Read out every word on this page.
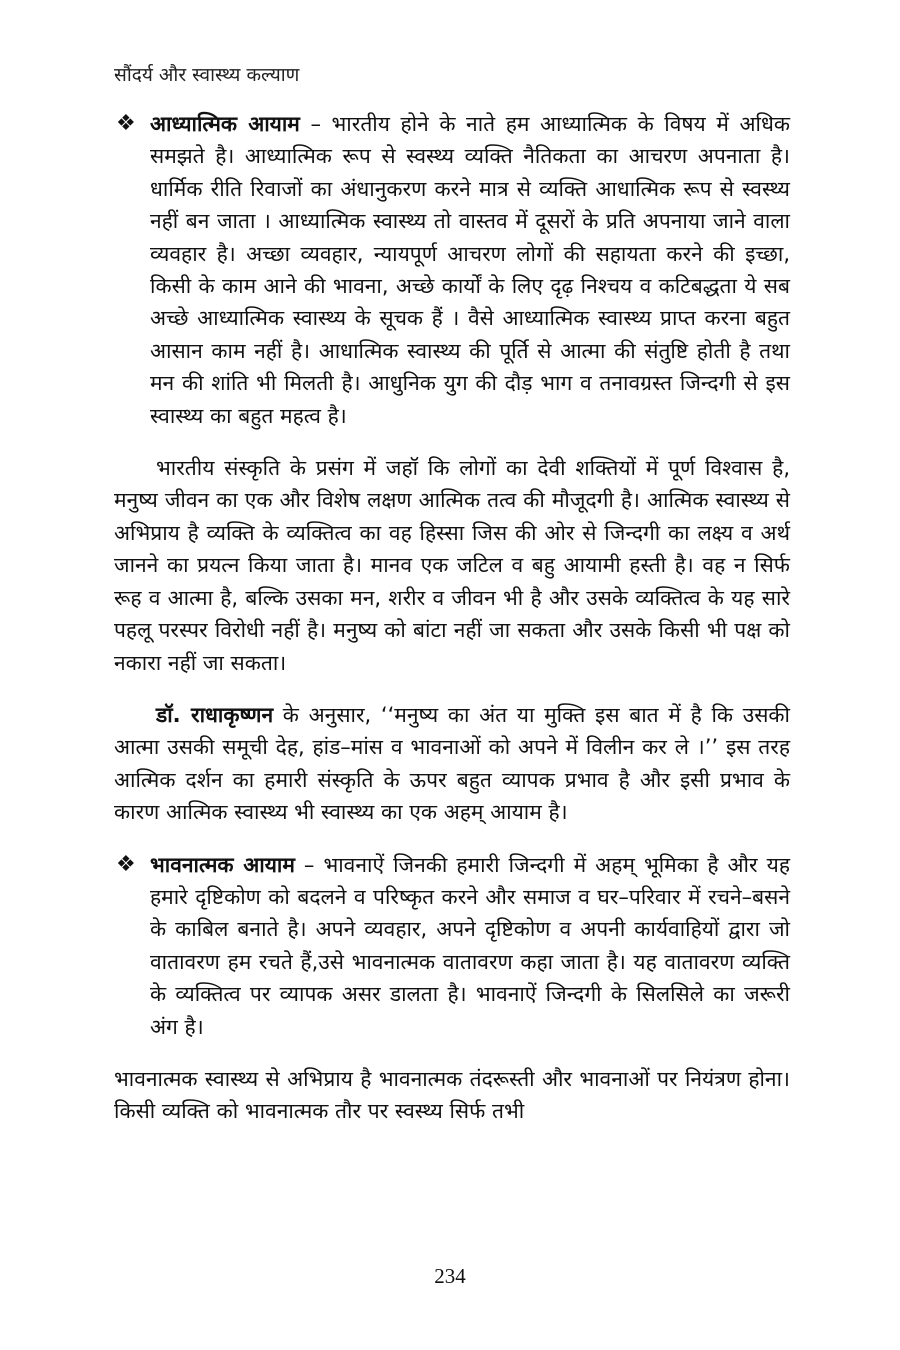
सौंदर्य और स्वास्थ्य कल्याण
❖ आध्यात्मिक आयाम – भारतीय होने के नाते हम आध्यात्मिक के विषय में अधिक समझते है। आध्यात्मिक रूप से स्वस्थ्य व्यक्ति नैतिकता का आचरण अपनाता है। धार्मिक रीति रिवाजों का अंधानुकरण करने मात्र से व्यक्ति आधात्मिक रूप से स्वस्थ्य नहीं बन जाता । आध्यात्मिक स्वास्थ्य तो वास्तव में दूसरों के प्रति अपनाया जाने वाला व्यवहार है। अच्छा व्यवहार, न्यायपूर्ण आचरण लोगों की सहायता करने की इच्छा, किसी के काम आने की भावना, अच्छे कार्यों के लिए दृढ़ निश्चय व कटिबद्धता ये सब अच्छे आध्यात्मिक स्वास्थ्य के सूचक हैं । वैसे आध्यात्मिक स्वास्थ्य प्राप्त करना बहुत आसान काम नहीं है। आधात्मिक स्वास्थ्य की पूर्ति से आत्मा की संतुष्टि होती है तथा मन की शांति भी मिलती है। आधुनिक युग की दौड़ भाग व तनावग्रस्त जिन्दगी से इस स्वास्थ्य का बहुत महत्व है।

भारतीय संस्कृति के प्रसंग में जहॉ कि लोगों का देवी शक्तियों में पूर्ण विश्वास है, मनुष्य जीवन का एक और विशेष लक्षण आत्मिक तत्व की मौजूदगी है। आत्मिक स्वास्थ्य से अभिप्राय है व्यक्ति के व्यक्तित्व का वह हिस्सा जिस की ओर से जिन्दगी का लक्ष्य व अर्थ जानने का प्रयत्न किया जाता है। मानव एक जटिल व बहु आयामी हस्ती है। वह न सिर्फ रूह व आत्मा है, बल्कि उसका मन, शरीर व जीवन भी है और उसके व्यक्तित्व के यह सारे पहलू परस्पर विरोधी नहीं है। मनुष्य को बांटा नहीं जा सकता और उसके किसी भी पक्ष को नकारा नहीं जा सकता।

डॉ. राधाकृष्णन के अनुसार, ‘‘मनुष्य का अंत या मुक्ति इस बात में है कि उसकी आत्मा उसकी समूची देह, हांड–मांस व भावनाओं को अपने में विलीन कर ले ।’’ इस तरह आत्मिक दर्शन का हमारी संस्कृति के ऊपर बहुत व्यापक प्रभाव है और इसी प्रभाव के कारण आत्मिक स्वास्थ्य भी स्वास्थ्य का एक अहम् आयाम है।

❖ भावनात्मक आयाम – भावनाऐं जिनकी हमारी जिन्दगी में अहम् भूमिका है और यह हमारे दृष्टिकोण को बदलने व परिष्कृत करने और समाज व घर–परिवार में रचने–बसने के काबिल बनाते है। अपने व्यवहार, अपने दृष्टिकोण व अपनी कार्यवाहियों द्वारा जो वातावरण हम रचते हैं,उसे भावनात्मक वातावरण कहा जाता है। यह वातावरण व्यक्ति के व्यक्तित्व पर व्यापक असर डालता है। भावनाऐं जिन्दगी के सिलसिले का जरूरी अंग है।

भावनात्मक स्वास्थ्य से अभिप्राय है भावनात्मक तंदरूस्ती और भावनाओं पर नियंत्रण होना। किसी व्यक्ति को भावनात्मक तौर पर स्वस्थ्य सिर्फ तभी

234
